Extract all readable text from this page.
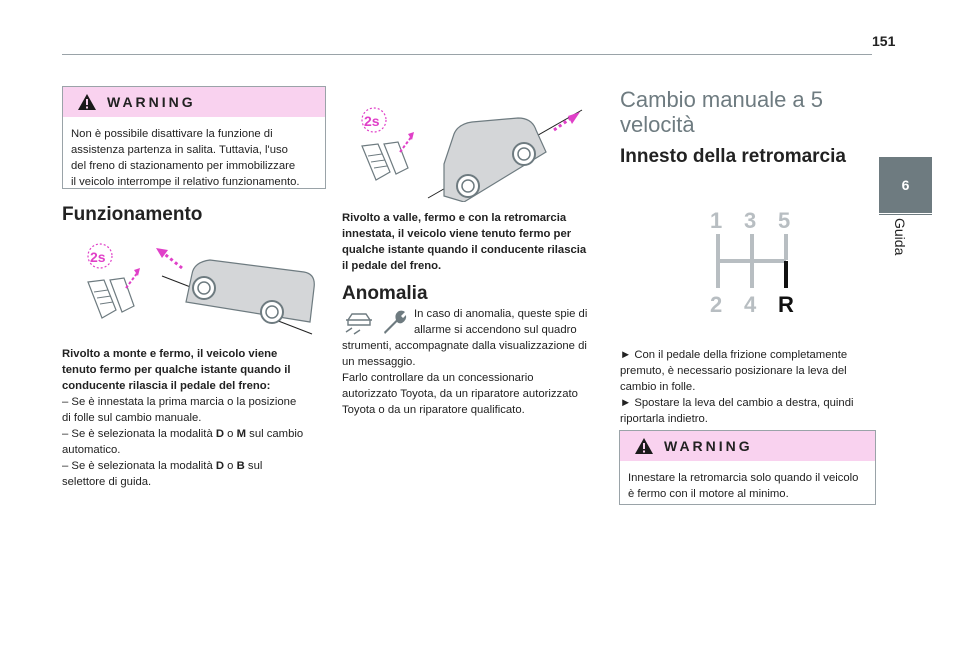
151
6
Guida
WARNING
Non è possibile disattivare la funzione di
assistenza partenza in salita. Tuttavia, l'uso
del freno di stazionamento per immobilizzare
il veicolo interrompe il relativo funzionamento.
Funzionamento
2s
Rivolto a monte e fermo, il veicolo viene
tenuto fermo per qualche istante quando il
conducente rilascia il pedale del freno:
– Se è innestata la prima marcia o la posizione
di folle sul cambio manuale.
– Se è selezionata la modalità D o M sul cambio
automatico.
– Se è selezionata la modalità D o B sul
selettore di guida.
2s
Rivolto a valle, fermo e con la retromarcia
innestata, il veicolo viene tenuto fermo per
qualche istante quando il conducente rilascia
il pedale del freno.
Anomalia
In caso di anomalia, queste spie di
allarme si accendono sul quadro
strumenti, accompagnate dalla visualizzazione di
un messaggio.
Farlo controllare da un concessionario
autorizzato Toyota, da un riparatore autorizzato
Toyota o da un riparatore qualificato.
Cambio manuale a 5
velocità
Innesto della retromarcia
1 3 5
2 4 R
► Con il pedale della frizione completamente
premuto, è necessario posizionare la leva del
cambio in folle.
► Spostare la leva del cambio a destra, quindi
riportarla indietro.
WARNING
Innestare la retromarcia solo quando il veicolo
è fermo con il motore al minimo.
